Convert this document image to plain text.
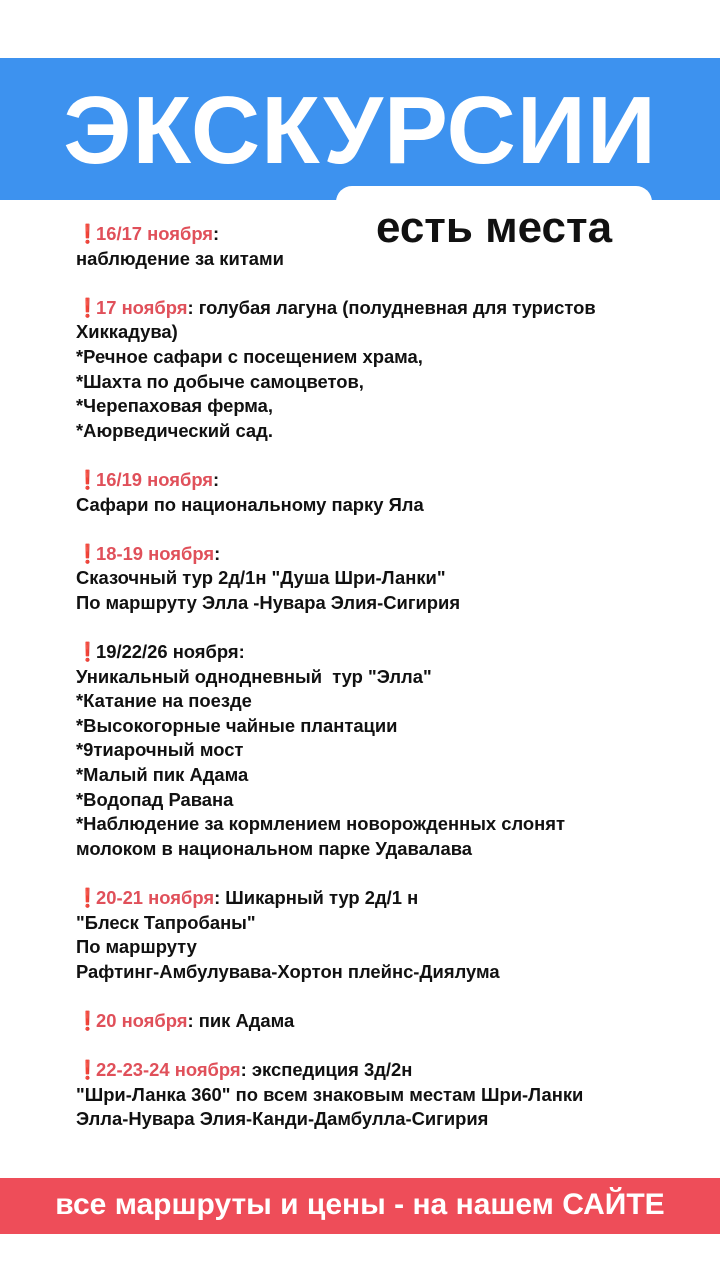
ЭКСКУРСИИ
есть места
❗16/17 ноября:
наблюдение за китами
❗17 ноября: голубая лагуна (полудневная для туристов
Хиккадува)
*Речное сафари с посещением храма,
*Шахта по добыче самоцветов,
*Черепаховая ферма,
*Аюрведический сад.
❗16/19 ноября:
Сафари по национальному парку Яла
❗18-19 ноября:
Сказочный тур 2д/1н "Душа Шри-Ланки"
По маршруту Элла -Нувара Элия-Сигирия
❗19/22/26 ноября:
Уникальный однодневный  тур "Элла"
*Катание на поезде
*Высокогорные чайные плантации
*9тиарочный мост
*Малый пик Адама
*Водопад Равана
*Наблюдение за кормлением новорожденных слонят
молоком в национальном парке Удавалава
❗20-21 ноября: Шикарный тур 2д/1 н
"Блеск Тапробаны"
По маршруту
Рафтинг-Амбулувава-Хортон плейнс-Диялума
❗20 ноября: пик Адама
❗22-23-24 ноября: экспедиция 3д/2н
"Шри-Ланка 360" по всем знаковым местам Шри-Ланки
Элла-Нувара Элия-Канди-Дамбулла-Сигирия
все маршруты и цены - на нашем САЙТЕ
